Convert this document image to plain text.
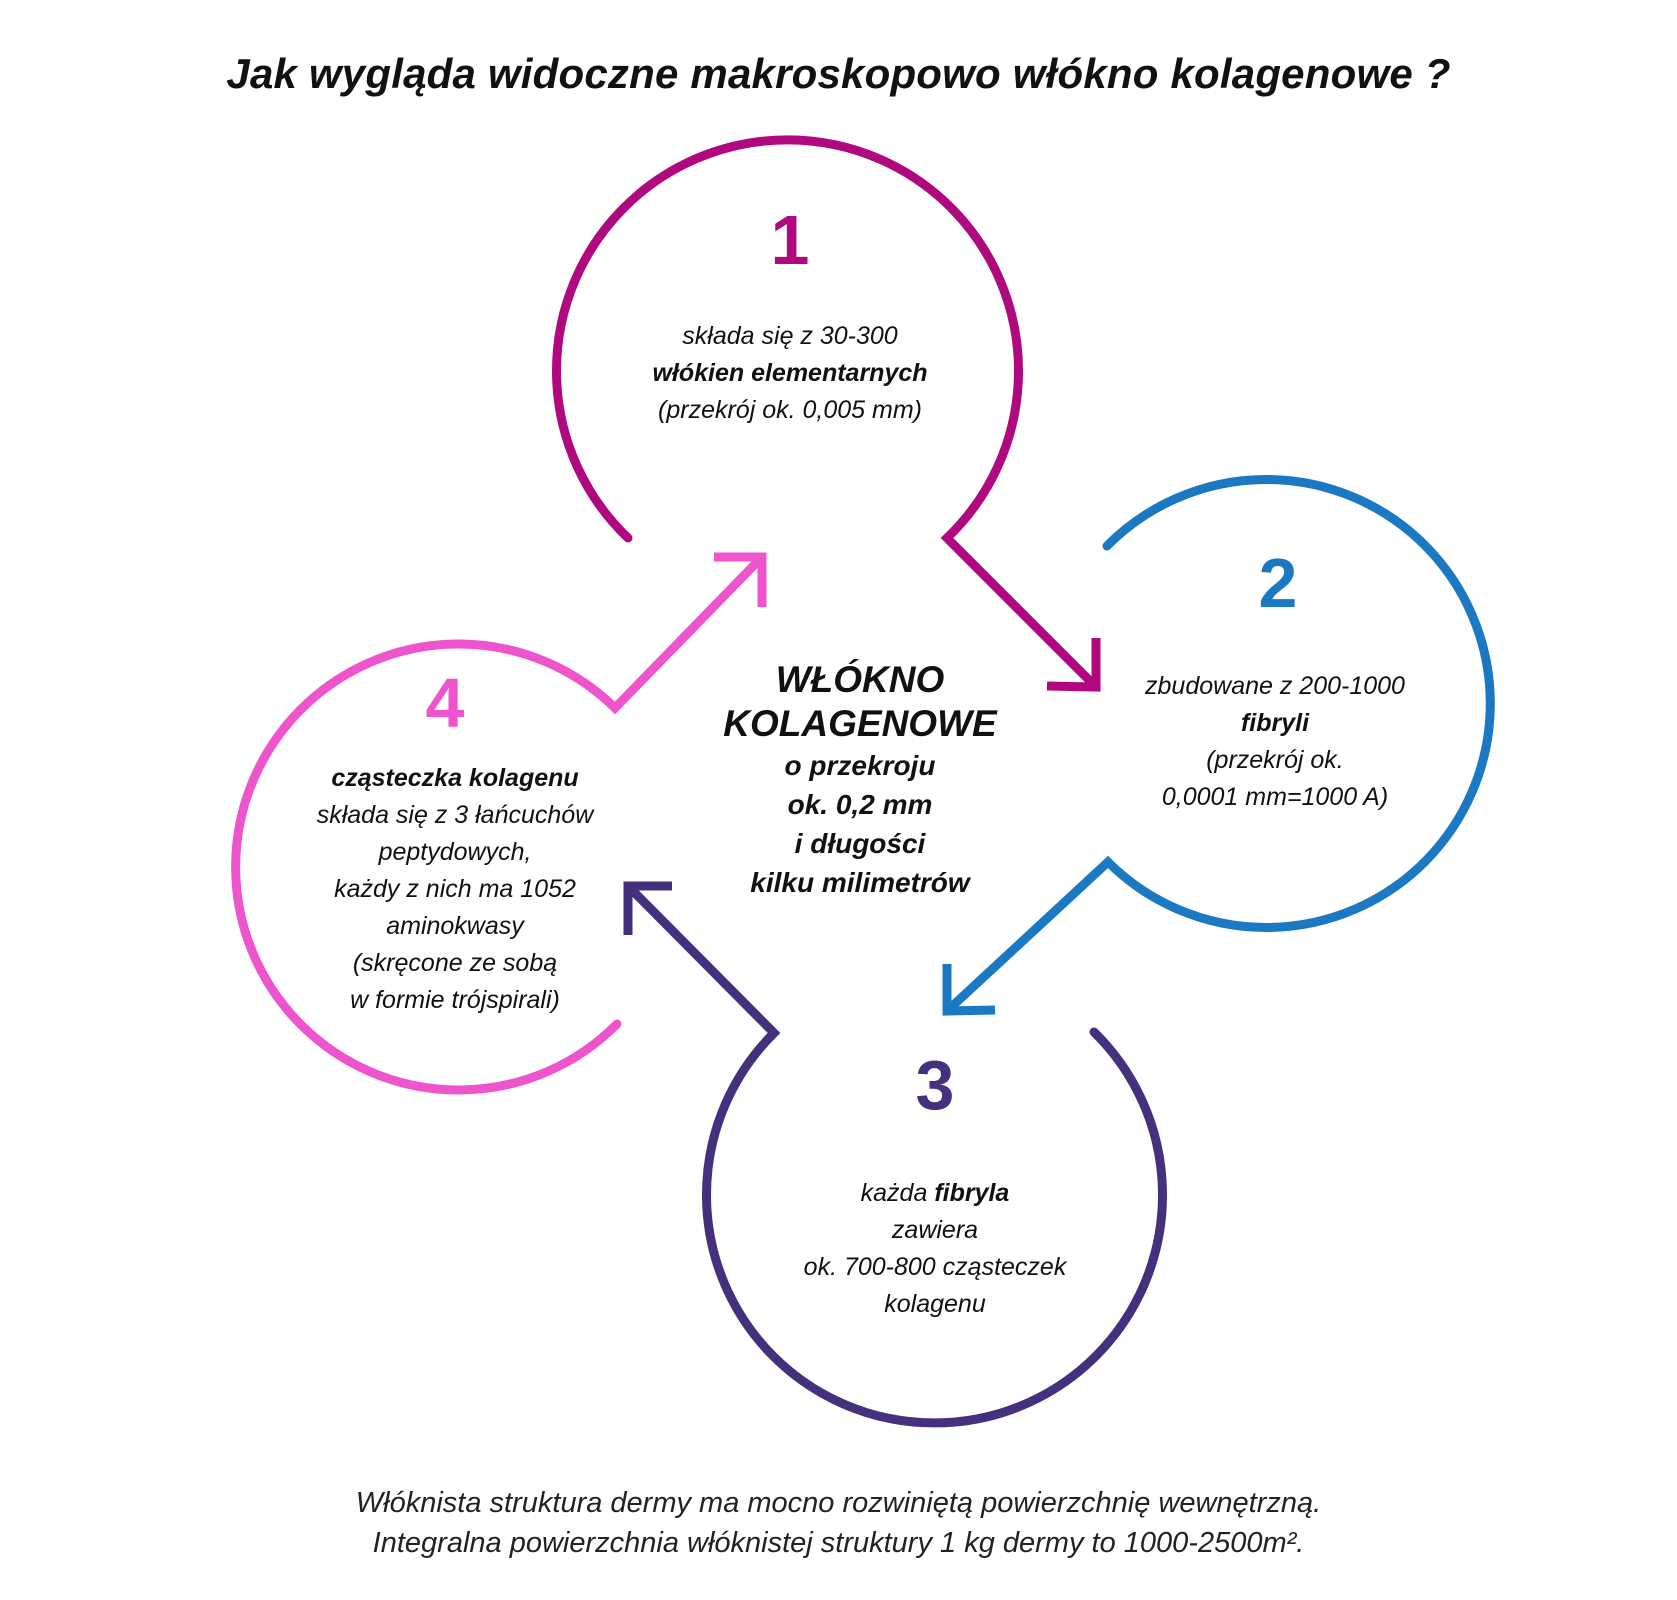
Jak wygląda widoczne makroskopowo włókno kolagenowe ?
1
2
3
4
składa się z 30-300
włókien elementarnych
(przekrój ok. 0,005 mm)
zbudowane z 200-1000
fibryli
(przekrój ok.
0,0001 mm=1000 A)
każda fibryla
zawiera
ok. 700-800 cząsteczek
kolagenu
cząsteczka kolagenu
składa się z 3 łańcuchów
peptydowych,
każdy z nich ma 1052
aminokwasy
(skręcone ze sobą
w formie trójspirali)
WŁÓKNO
KOLAGENOWE
o przekroju
ok. 0,2 mm
i długości
kilku milimetrów
Włóknista struktura dermy ma mocno rozwiniętą powierzchnię wewnętrzną.
Integralna powierzchnia włóknistej struktury 1 kg dermy to 1000-2500m².
